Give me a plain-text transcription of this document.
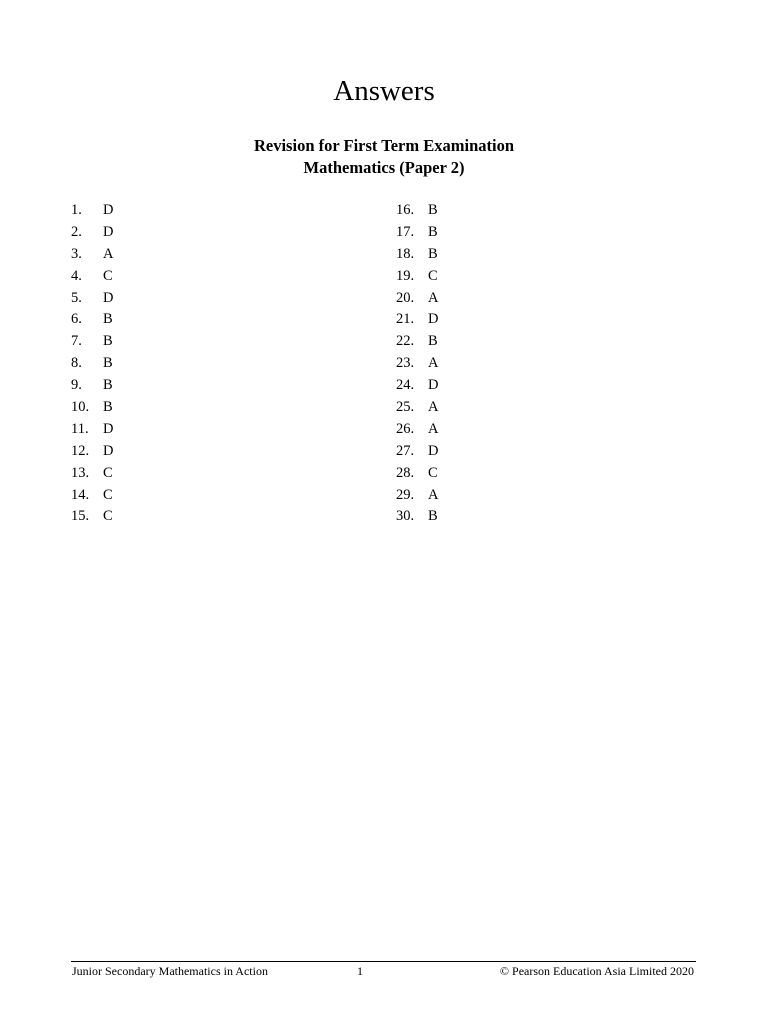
Answers
Revision for First Term Examination
Mathematics (Paper 2)
1. D
2. D
3. A
4. C
5. D
6. B
7. B
8. B
9. B
10. B
11. D
12. D
13. C
14. C
15. C
16. B
17. B
18. B
19. C
20. A
21. D
22. B
23. A
24. D
25. A
26. A
27. D
28. C
29. A
30. B
Junior Secondary Mathematics in Action	1	© Pearson Education Asia Limited 2020
